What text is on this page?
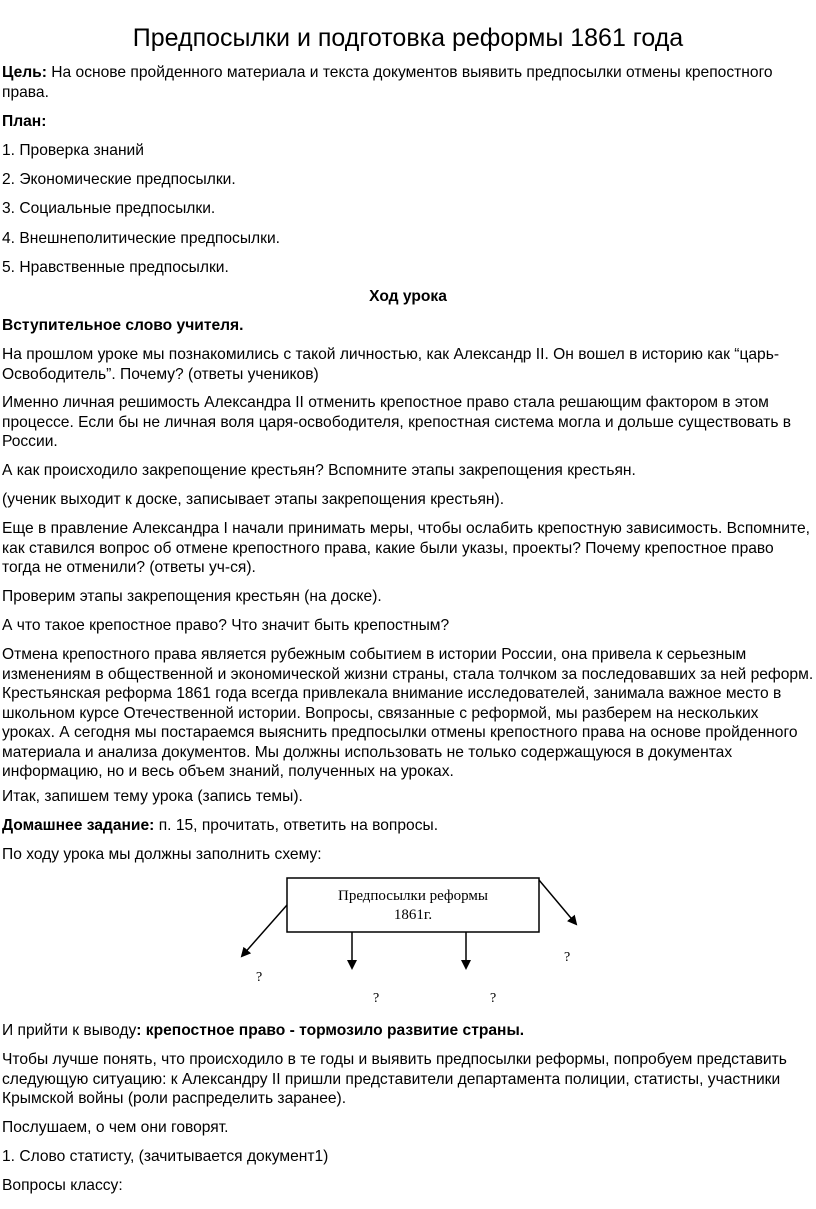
Предпосылки и подготовка реформы 1861 года

Цель: На основе пройденного материала и текста документов выявить предпосылки отмены крепостного права.

План:

1. Проверка знаний

2. Экономические предпосылки.

3. Социальные предпосылки.

4. Внешнеполитические предпосылки.

5. Нравственные предпосылки.

Ход урока

Вступительное слово учителя.

На прошлом уроке мы познакомились с такой личностью, как Александр II. Он вошел в историю как “царь-Освободитель”. Почему? (ответы учеников)

Именно личная решимость Александра II отменить крепостное право стала решающим фактором в этом процессе. Если бы не личная воля царя-освободителя, крепостная система могла и дольше существовать в России.

А как происходило закрепощение крестьян? Вспомните этапы закрепощения крестьян.

(ученик выходит к доске, записывает этапы закрепощения крестьян).

Еще в правление Александра I начали принимать меры, чтобы ослабить крепостную зависимость. Вспомните, как ставился вопрос об отмене крепостного права, какие были указы, проекты? Почему крепостное право тогда не отменили? (ответы уч-ся).

Проверим этапы закрепощения крестьян (на доске).

А что такое крепостное право? Что значит быть крепостным?

Отмена крепостного права является рубежным событием в истории России, она привела к серьезным изменениям в общественной и экономической жизни страны, стала толчком за последовавших за ней реформ. Крестьянская реформа 1861 года всегда привлекала внимание исследователей, занимала важное место в школьном курсе Отечественной истории. Вопросы, связанные с реформой, мы разберем на нескольких уроках. А сегодня мы постараемся выяснить предпосылки отмены крепостного права на основе пройденного материала и анализа документов. Мы должны использовать не только содержащуюся в документах информацию, но и весь объем знаний, полученных на уроках.

Итак, запишем тему урока (запись темы).

Домашнее задание: п. 15, прочитать, ответить на вопросы.

По ходу урока мы должны заполнить схему:

Предпосылки реформы
1861г.
?
?	?
?

И прийти к выводу: крепостное право - тормозило развитие страны.

Чтобы лучше понять, что происходило в те годы и выявить предпосылки реформы, попробуем представить следующую ситуацию: к Александру II пришли представители департамента полиции, статисты, участники Крымской войны (роли распределить заранее).

Послушаем, о чем они говорят.

1. Слово статисту, (зачитывается документ1)

Вопросы классу:
